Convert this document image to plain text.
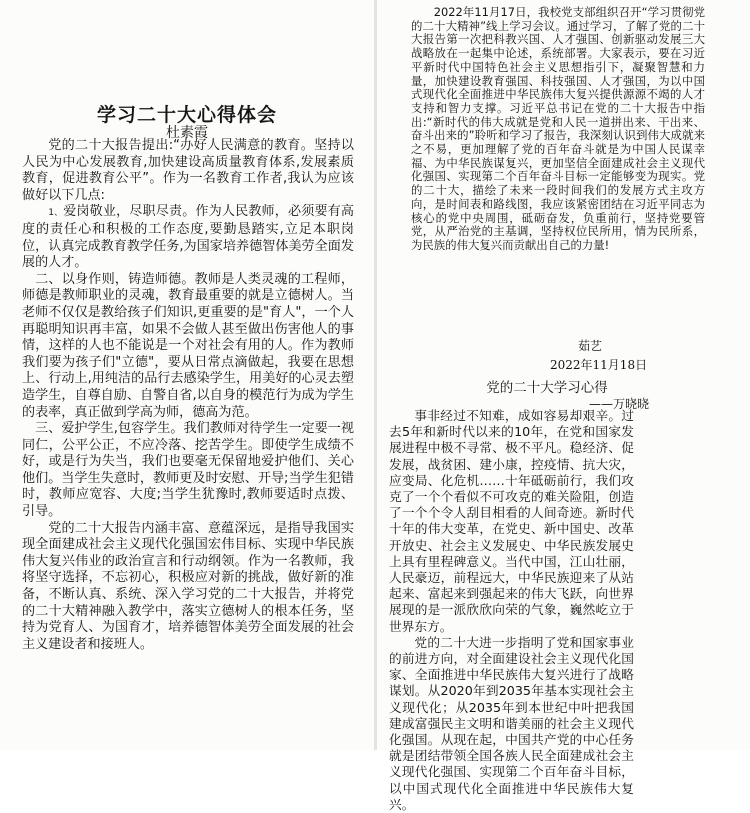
学习二十大心得体会
杜素霞

党的二十大报告提出:“办好人民满意的教育。坚持以人民为中心发展教育,加快建设高质量教育体系,发展素质教育，促进教育公平”。作为一名教育工作者,我认为应该做好以下几点:

1、爱岗敬业，尽职尽责。作为人民教师，必须要有高度的责任心和积极的工作态度,要勤恳踏实,立足本职岗位，认真完成教育教学任务,为国家培养德智体美劳全面发展的人才。

二、以身作则，铸造师德。教师是人类灵魂的工程师，师德是教师职业的灵魂，教育最重要的就是立德树人。当老师不仅仅是教给孩子们知识,更重要的是"育人"，一个人再聪明知识再丰富，如果不会做人甚至做出伤害他人的事情，这样的人也不能说是一个对社会有用的人。作为教师我们要为孩子们"立德"，要从日常点滴做起，我要在思想上、行动上,用纯洁的品行去感染学生，用美好的心灵去塑造学生，自尊自励、自警自省,以自身的模范行为成为学生的表率，真正做到学高为师，德高为范。

三、爱护学生,包容学生。我们教师对待学生一定要一视同仁，公平公正，不应冷落、挖苦学生。即使学生成绩不好，或是行为失当，我们也要毫无保留地爱护他们、关心他们。当学生失意时，教师更及时安慰、开导;当学生犯错时，教师应宽容、大度;当学生犹豫时,教师要适时点拨、引导。

党的二十大报告内涵丰富、意蕴深远，是指导我国实现全面建成社会主义现代化强国宏伟目标、实现中华民族伟大复兴伟业的政治宣言和行动纲领。作为一名教师，我将坚守选择，不忘初心，积极应对新的挑战，做好新的准备，不断认真、系统、深入学习党的二十大报告，并将党的二十大精神融入教学中，落实立德树人的根本任务，坚持为党育人、为国育才，培养德智体美劳全面发展的社会主义建设者和接班人。

2022年11月17日，我校党支部组织召开“学习贯彻党的二十大精神”线上学习会议。通过学习，了解了党的二十大报告第一次把科教兴国、人才强国、创新驱动发展三大战略放在一起集中论述，系统部署。大家表示，要在习近平新时代中国特色社会主义思想指引下，凝聚智慧和力量，加快建设教育强国、科技强国、人才强国，为以中国式现代化全面推进中华民族伟大复兴提供源源不竭的人才支持和智力支撑。习近平总书记在党的二十大报告中指出:“新时代的伟大成就是党和人民一道拼出来、干出来、奋斗出来的”聆听和学习了报告，我深刻认识到伟大成就来之不易，更加理解了党的百年奋斗就是为中国人民谋幸福、为中华民族谋复兴，更加坚信全面建成社会主义现代化强国、实现第二个百年奋斗目标一定能够变为现实。党的二十大，描绘了未来一段时间我们的发展方式主攻方向，是时间表和路线图，我应该紧密团结在习近平同志为核心的党中央周围，砥砺奋发，负重前行，坚持党要管党，从严治党的主基调，坚持权位民所用，情为民所系，为民族的伟大复兴而贡献出自己的力量!

茹艺
2022年11月18日
党的二十大学习心得
——万晓晓

事非经过不知难，成如容易却艰辛。过去5年和新时代以来的10年，在党和国家发展进程中极不寻常、极不平凡。稳经济、促发展，战贫困、建小康，控疫情、抗大灾，应变局、化危机……十年砥砺前行，我们攻克了一个个看似不可攻克的难关险阻，创造了一个个令人刮目相看的人间奇迹。新时代十年的伟大变革，在党史、新中国史、改革开放史、社会主义发展史、中华民族发展史上具有里程碑意义。当代中国，江山壮丽，人民豪迈，前程远大，中华民族迎来了从站起来、富起来到强起来的伟大飞跃，向世界展现的是一派欣欣向荣的气象，巍然屹立于世界东方。

党的二十大进一步指明了党和国家事业的前进方向，对全面建设社会主义现代化国家、全面推进中华民族伟大复兴进行了战略谋划。从2020年到2035年基本实现社会主义现代化；从2035年到本世纪中叶把我国建成富强民主文明和谐美丽的社会主义现代化强国。从现在起，中国共产党的中心任务就是团结带领全国各族人民全面建成社会主义现代化强国、实现第二个百年奋斗目标，以中国式现代化全面推进中华民族伟大复兴。
